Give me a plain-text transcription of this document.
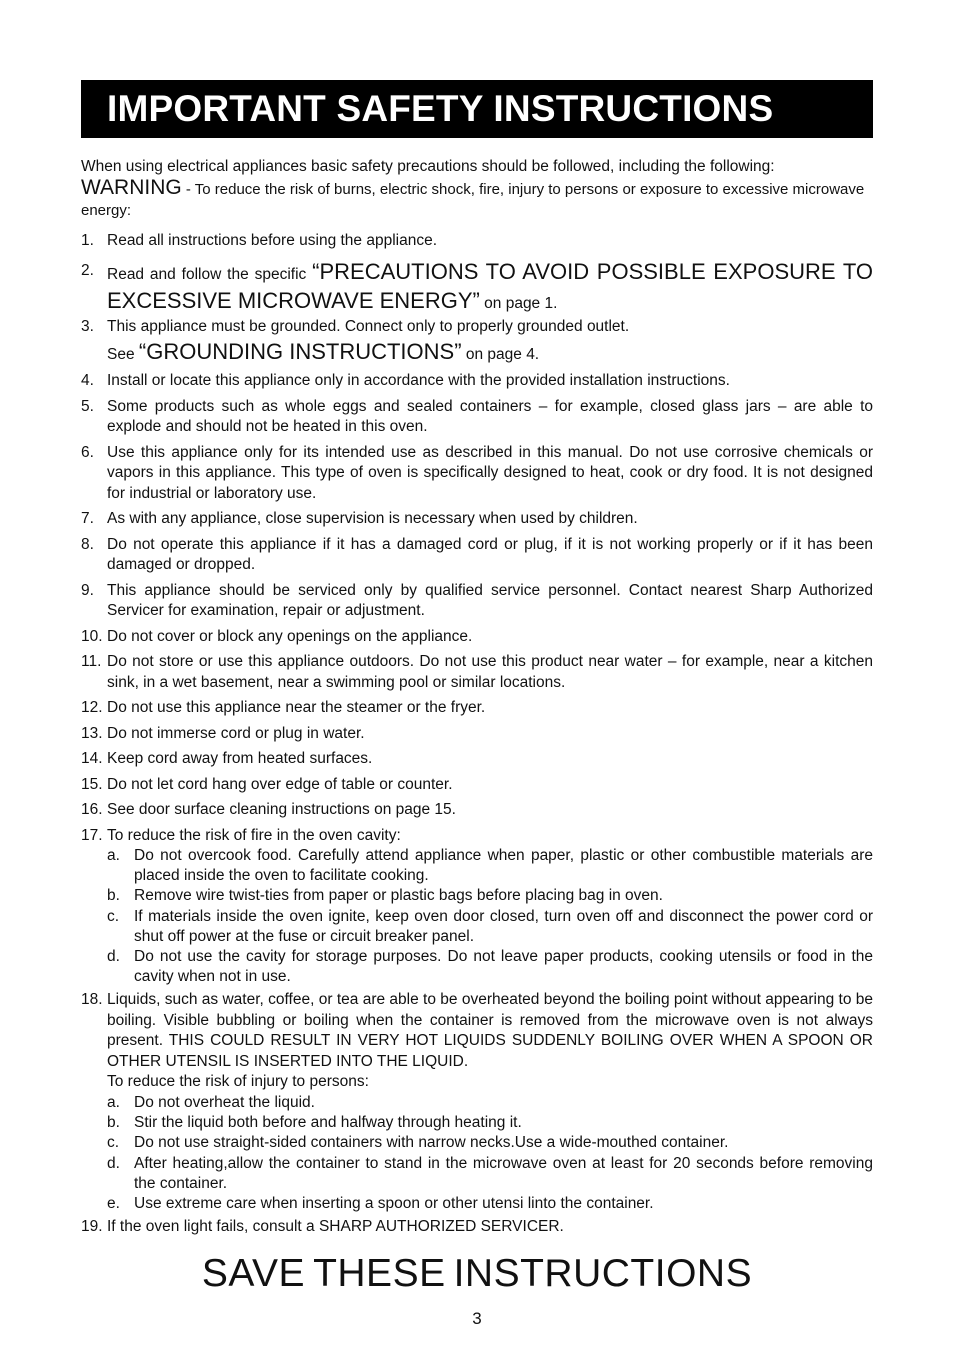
IMPORTANT SAFETY INSTRUCTIONS
When using electrical appliances basic safety precautions should be followed, including the following:
WARNING - To reduce the risk of burns, electric shock, fire, injury to persons or exposure to excessive microwave energy:
1. Read all instructions before using the appliance.
2. Read and follow the specific “PRECAUTIONS TO AVOID POSSIBLE EXPOSURE TO EXCESSIVE MICROWAVE ENERGY” on page 1.
3. This appliance must be grounded. Connect only to properly grounded outlet.
See “GROUNDING INSTRUCTIONS” on page 4.
4. Install or locate this appliance only in accordance with the provided installation instructions.
5. Some products such as whole eggs and sealed containers – for example, closed glass jars – are able to explode and should not be heated in this oven.
6. Use this appliance only for its intended use as described in this manual. Do not use corrosive chemicals or vapors in this appliance. This type of oven is specifically designed to heat, cook or dry food. It is not designed for industrial or laboratory use.
7. As with any appliance, close supervision is necessary when used by children.
8. Do not operate this appliance if it has a damaged cord or plug, if it is not working properly or if it has been damaged or dropped.
9. This appliance should be serviced only by qualified service personnel. Contact nearest Sharp Authorized Servicer for examination, repair or adjustment.
10. Do not cover or block any openings on the appliance.
11. Do not store or use this appliance outdoors. Do not use this product near water – for example, near a kitchen sink, in a wet basement, near a swimming pool or similar locations.
12. Do not use this appliance near the steamer or the fryer.
13. Do not immerse cord or plug in water.
14. Keep cord away from heated surfaces.
15. Do not let cord hang over edge of table or counter.
16. See door surface cleaning instructions on page 15.
17. To reduce the risk of fire in the oven cavity:
a. Do not overcook food. Carefully attend appliance when paper, plastic or other combustible materials are placed inside the oven to facilitate cooking.
b. Remove wire twist-ties from paper or plastic bags before placing bag in oven.
c. If materials inside the oven ignite, keep oven door closed, turn oven off and disconnect the power cord or shut off power at the fuse or circuit breaker panel.
d. Do not use the cavity for storage purposes. Do not leave paper products, cooking utensils or food in the cavity when not in use.
18. Liquids, such as water, coffee, or tea are able to be overheated beyond the boiling point without appearing to be boiling. Visible bubbling or boiling when the container is removed from the microwave oven is not always present. THIS COULD RESULT IN VERY HOT LIQUIDS SUDDENLY BOILING OVER WHEN A SPOON OR OTHER UTENSIL IS INSERTED INTO THE LIQUID.
To reduce the risk of injury to persons:
a. Do not overheat the liquid.
b. Stir the liquid both before and halfway through heating it.
c. Do not use straight-sided containers with narrow necks.Use a wide-mouthed container.
d. After heating,allow the container to stand in the microwave oven at least for 20 seconds before removing the container.
e. Use extreme care when inserting a spoon or other utensi linto the container.
19. If the oven light fails, consult a SHARP AUTHORIZED SERVICER.
SAVE THESE INSTRUCTIONS
3
